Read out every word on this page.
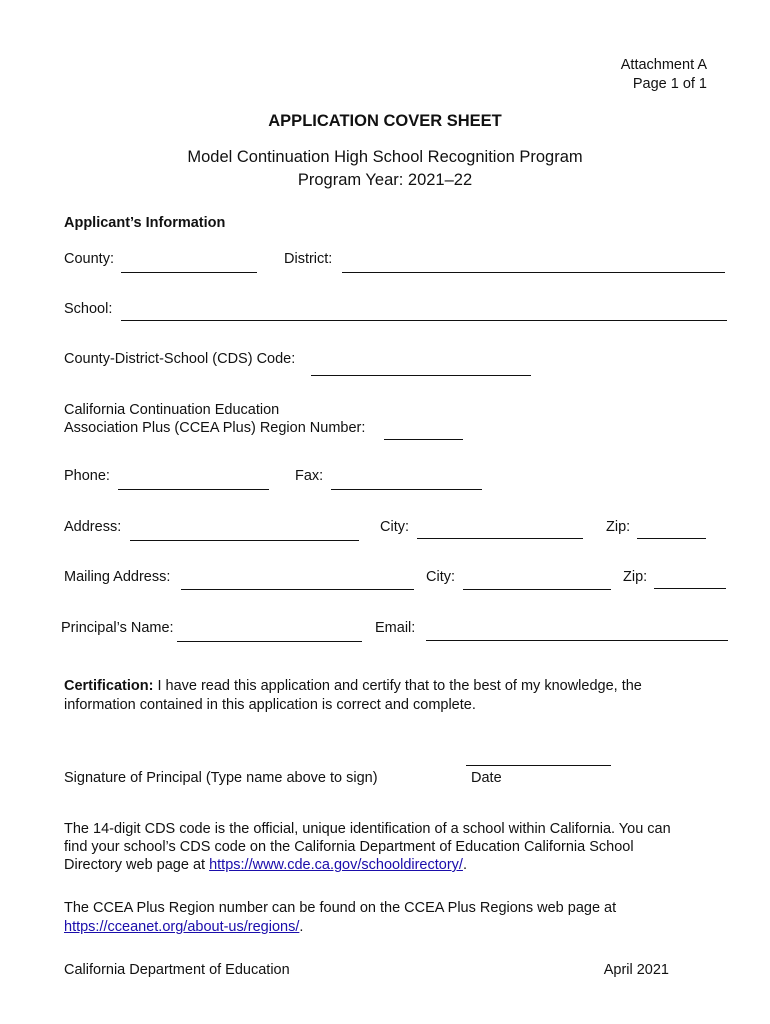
Attachment A
Page 1 of 1
APPLICATION COVER SHEET
Model Continuation High School Recognition Program
Program Year: 2021–22
Applicant’s Information
County:	District:
School:
County-District-School (CDS) Code:
California Continuation Education
Association Plus (CCEA Plus) Region Number:
Phone:	Fax:
Address:	City:	Zip:
Mailing Address:	City:	Zip:
Principal’s Name:	Email:
Certification: I have read this application and certify that to the best of my knowledge, the
information contained in this application is correct and complete.
Signature of Principal (Type name above to sign)	Date
The 14-digit CDS code is the official, unique identification of a school within California. You can
find your school’s CDS code on the California Department of Education California School
Directory web page at https://www.cde.ca.gov/schooldirectory/.
The CCEA Plus Region number can be found on the CCEA Plus Regions web page at
https://cceanet.org/about-us/regions/.
California Department of Education	April 2021
